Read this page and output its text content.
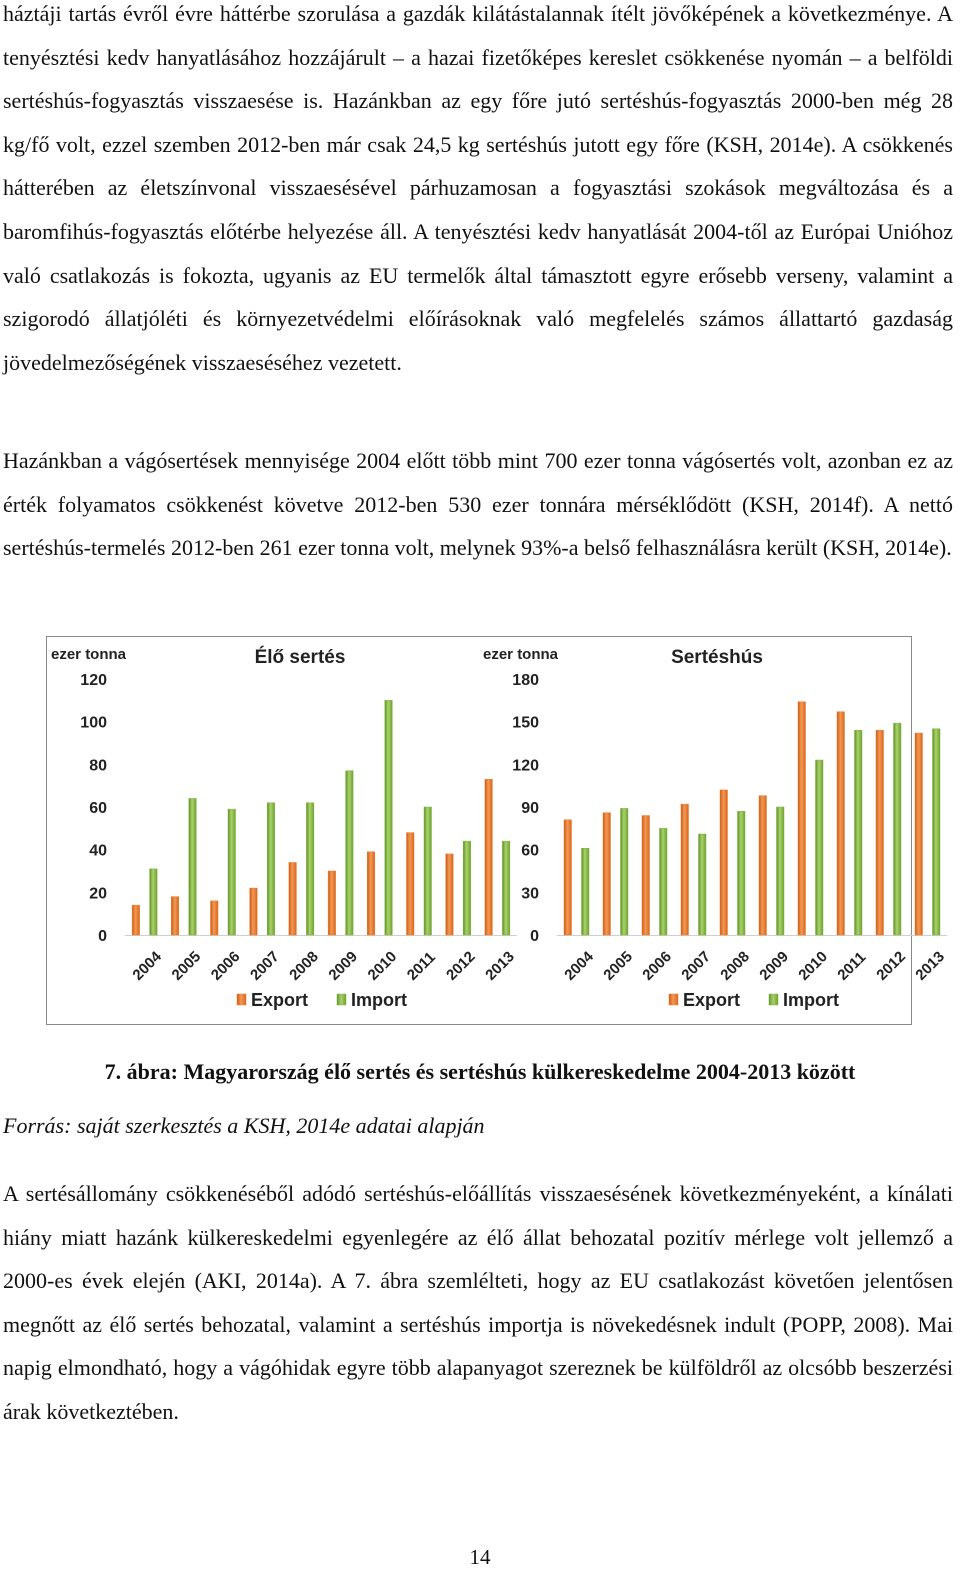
háztáji tartás évről évre háttérbe szorulása a gazdák kilátástalannak ítélt jövőképének a következménye. A tenyésztési kedv hanyatlásához hozzájárult – a hazai fizetőképes kereslet csökkenése nyomán – a belföldi sertéshús-fogyasztás visszaesése is. Hazánkban az egy főre jutó sertéshús-fogyasztás 2000-ben még 28 kg/fő volt, ezzel szemben 2012-ben már csak 24,5 kg sertéshús jutott egy főre (KSH, 2014e). A csökkenés hátterében az életszínvonal visszaesésével párhuzamosan a fogyasztási szokások megváltozása és a baromfihús-fogyasztás előtérbe helyezése áll. A tenyésztési kedv hanyatlását 2004-től az Európai Unióhoz való csatlakozás is fokozta, ugyanis az EU termelők által támasztott egyre erősebb verseny, valamint a szigorodó állatjóléti és környezetvédelmi előírásoknak való megfelelés számos állattartó gazdaság jövedelmezőségének visszaeséséhez vezetett.

Hazánkban a vágósertések mennyisége 2004 előtt több mint 700 ezer tonna vágósertés volt, azonban ez az érték folyamatos csökkenést követve 2012-ben 530 ezer tonnára mérséklődött (KSH, 2014f). A nettó sertéshús-termelés 2012-ben 261 ezer tonna volt, melynek 93%-a belső felhasználásra került (KSH, 2014e).

ezer tonna	Élő sertés
0
20
40
60
80
100
120
2004 2005 2006 2007 2008 2009 2010 2011 2012 2013
Export Import
ezer tonna	Sertéshús
0
30
60
90
120
150
180
2004 2005 2006 2007 2008 2009 2010 2011 2012 2013
Export Import
7. ábra: Magyarország élő sertés és sertéshús külkereskedelme 2004-2013 között
Forrás: saját szerkesztés a KSH, 2014e adatai alapján

A sertésállomány csökkenéséből adódó sertéshús-előállítás visszaesésének következményeként, a kínálati hiány miatt hazánk külkereskedelmi egyenlegére az élő állat behozatal pozitív mérlege volt jellemző a 2000-es évek elején (AKI, 2014a). A 7. ábra szemlélteti, hogy az EU csatlakozást követően jelentősen megnőtt az élő sertés behozatal, valamint a sertéshús importja is növekedésnek indult (POPP, 2008). Mai napig elmondható, hogy a vágóhidak egyre több alapanyagot szereznek be külföldről az olcsóbb beszerzési árak következtében.

14
